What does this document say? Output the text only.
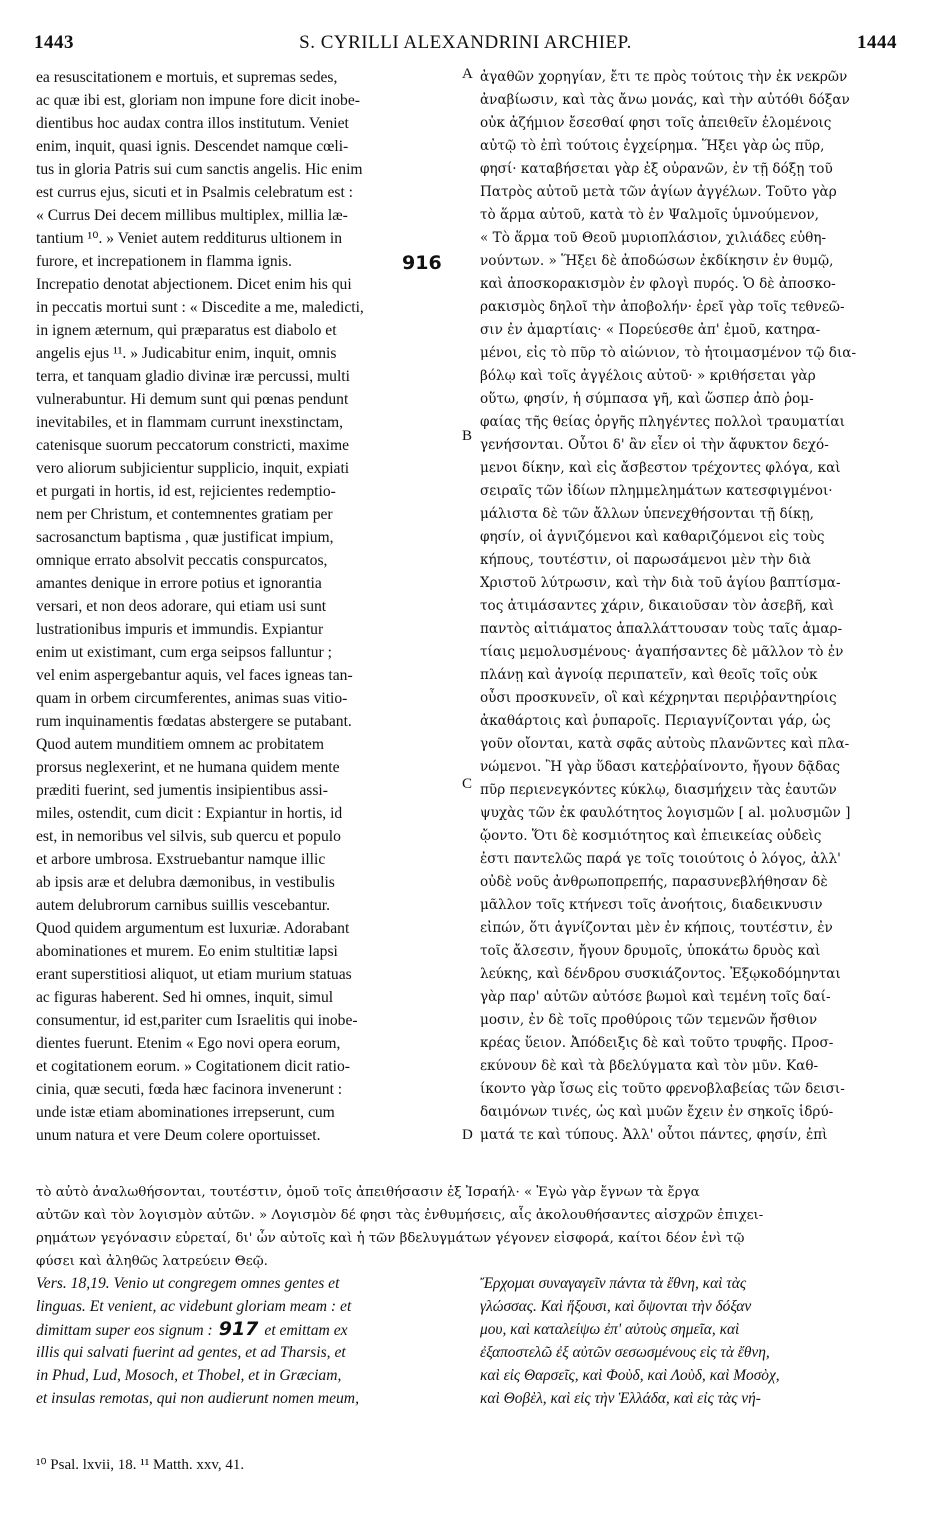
1443	S. CYRILLI ALEXANDRINI ARCHIEP.	1444
ea resuscitationem e mortuis, et supremas sedes,
ac quæ ibi est, gloriam non impune fore dicit inobe-
dientibus hoc audax contra illos institutum. Veniet
enim, inquit, quasi ignis. Descendet namque cœli-
tus in gloria Patris sui cum sanctis angelis. Hic enim
est currus ejus, sicuti et in Psalmis celebratum est :
« Currus Dei decem millibus multiplex, millia læ-
tantium ¹⁰. » Veniet autem redditurus ultionem in
furore, et increpationem in flamma ignis.
Increpatio denotat abjectionem. Dicet enim his qui
in peccatis mortui sunt : « Discedite a me, maledicti,
in ignem æternum, qui præparatus est diabolo et
angelis ejus ¹¹. » Judicabitur enim, inquit, omnis
terra, et tanquam gladio divinæ iræ percussi, multi
vulnerabuntur. Hi demum sunt qui pœnas pendunt
inevitabiles, et in flammam currunt inexstinctam,
catenisque suorum peccatorum constricti, maxime
vero aliorum subjicientur supplicio, inquit, expiati
et purgati in hortis, id est, rejicientes redemptio-
nem per Christum, et contemnentes gratiam per
sacrosanctum baptisma , quæ justificat impium,
omnique errato absolvit peccatis conspurcatos,
amantes denique in errore potius et ignorantia
versari, et non deos adorare, qui etiam usi sunt
lustrationibus impuris et immundis. Expiantur
enim ut existimant, cum erga seipsos falluntur ;
vel enim aspergebantur aquis, vel faces igneas tan-
quam in orbem circumferentes, animas suas vitio-
rum inquinamentis fœdatas abstergere se putabant.
Quod autem munditiem omnem ac probitatem
prorsus neglexerint, et ne humana quidem mente
præditi fuerint, sed jumentis insipientibus assi-
miles, ostendit, cum dicit : Expiantur in hortis, id
est, in nemoribus vel silvis, sub quercu et populo
et arbore umbrosa. Exstruebantur namque illic
ab ipsis aræ et delubra dæmonibus, in vestibulis
autem delubrorum carnibus suillis vescebantur.
Quod quidem argumentum est luxuriæ. Adorabant
abominationes et murem. Eo enim stultitiæ lapsi
erant superstitiosi aliquot, ut etiam murium statuas
ac figuras haberent. Sed hi omnes, inquit, simul
consumentur, id est,pariter cum Israelitis qui inobe-
dientes fuerunt. Etenim « Ego novi opera eorum,
et cogitationem eorum. » Cogitationem dicit ratio-
cinia, quæ secuti, fœda hæc facinora invenerunt :
unde istæ etiam abominationes irrepserunt, cum
unum natura et vere Deum colere oportuisset.
ἀγαθῶν χορηγίαν, ἔτι τε πρὸς τούτοις τὴν ἐκ νεκρῶν
ἀναβίωσιν, καὶ τὰς ἄνω μονάς, καὶ τὴν αὐτόθι δόξαν
οὐκ ἀζήμιον ἔσεσθαί φησι τοῖς ἀπειθεῖν ἑλομένοις
αὐτῷ τὸ ἐπὶ τούτοις ἐγχείρημα. Ἥξει γὰρ ὡς πῦρ,
φησί· καταβήσεται γὰρ ἐξ οὐρανῶν, ἐν τῇ δόξῃ τοῦ
Πατρὸς αὐτοῦ μετὰ τῶν ἁγίων ἀγγέλων. Τοῦτο γὰρ
τὸ ἅρμα αὐτοῦ, κατὰ τὸ ἐν Ψαλμοῖς ὑμνούμενον,
« Τὸ ἅρμα τοῦ Θεοῦ μυριοπλάσιον, χιλιάδες εὐθη-
νούντων. » Ἥξει δὲ ἀποδώσων ἐκδίκησιν ἐν θυμῷ,
καὶ ἀποσκορακισμὸν ἐν φλογὶ πυρός. Ὁ δὲ ἀποσκο-
ρακισμὸς δηλοῖ τὴν ἀποβολήν· ἐρεῖ γὰρ τοῖς τεθνεῶ-
σιν ἐν ἁμαρτίαις· « Πορεύεσθε ἀπ' ἐμοῦ, κατηρα-
μένοι, εἰς τὸ πῦρ τὸ αἰώνιον, τὸ ἡτοιμασμένον τῷ δια-
βόλῳ καὶ τοῖς ἀγγέλοις αὐτοῦ· » κριθήσεται γὰρ
οὕτω, φησίν, ἡ σύμπασα γῆ, καὶ ὥσπερ ἀπὸ ῥομ-
φαίας τῆς θείας ὀργῆς πληγέντες πολλοὶ τραυματίαι
γενήσονται. Οὗτοι δ' ἂν εἶεν οἱ τὴν ἄφυκτον δεχό-
μενοι δίκην, καὶ εἰς ἄσβεστον τρέχοντες φλόγα, καὶ
σειραῖς τῶν ἰδίων πλημμελημάτων κατεσφιγμένοι·
μάλιστα δὲ τῶν ἄλλων ὑπενεχθήσονται τῇ δίκῃ,
φησίν, οἱ ἁγνιζόμενοι καὶ καθαριζόμενοι εἰς τοὺς
κήπους, τουτέστιν, οἱ παρωσάμενοι μὲν τὴν διὰ
Χριστοῦ λύτρωσιν, καὶ τὴν διὰ τοῦ ἁγίου βαπτίσμα-
τος ἀτιμάσαντες χάριν, δικαιοῦσαν τὸν ἀσεβῆ, καὶ
παντὸς αἰτιάματος ἀπαλλάττουσαν τοὺς ταῖς ἁμαρ-
τίαις μεμολυσμένους· ἀγαπήσαντες δὲ μᾶλλον τὸ ἐν
πλάνῃ καὶ ἀγνοίᾳ περιπατεῖν, καὶ θεοῖς τοῖς οὐκ
οὖσι προσκυνεῖν, οἳ καὶ κέχρηνται περιῤῥαντηρίοις
ἀκαθάρτοις καὶ ῥυπαροῖς. Περιαγνίζονται γάρ, ὡς
γοῦν οἴονται, κατὰ σφᾶς αὐτοὺς πλανῶντες καὶ πλα-
νώμενοι. Ἢ γὰρ ὕδασι κατεῤῥαίνοντο, ἤγουν δᾷδας
πῦρ περιενεγκόντες κύκλῳ, διασμήχειν τὰς ἑαυτῶν
ψυχὰς τῶν ἐκ φαυλότητος λογισμῶν [ al. μολυσμῶν ]
ᾤοντο. Ὅτι δὲ κοσμιότητος καὶ ἐπιεικείας οὐδεὶς
ἐστι παντελῶς παρά γε τοῖς τοιούτοις ὁ λόγος, ἀλλ'
οὐδὲ νοῦς ἀνθρωποπρεπής, παρασυνεβλήθησαν δὲ
μᾶλλον τοῖς κτήνεσι τοῖς ἀνοήτοις, διαδεικνυσιν
εἰπών, ὅτι ἁγνίζονται μὲν ἐν κήποις, τουτέστιν, ἐν
τοῖς ἄλσεσιν, ἤγουν δρυμοῖς, ὑποκάτω δρυὸς καὶ
λεύκης, καὶ δένδρου συσκιάζοντος. Ἐξῳκοδόμηνται
γὰρ παρ' αὐτῶν αὐτόσε βωμοὶ καὶ τεμένη τοῖς δαί-
μοσιν, ἐν δὲ τοῖς προθύροις τῶν τεμενῶν ἤσθιον
κρέας ὕειον. Ἀπόδειξις δὲ καὶ τοῦτο τρυφῆς. Προσ-
εκύνουν δὲ καὶ τὰ βδελύγματα καὶ τὸν μῦν. Καθ-
ίκοντο γὰρ ἴσως εἰς τοῦτο φρενοβλαβείας τῶν δεισι-
δαιμόνων τινές, ὡς καὶ μυῶν ἔχειν ἐν σηκοῖς ἱδρύ-
ματά τε καὶ τύπους. Ἀλλ' οὗτοι πάντες, φησίν, ἐπὶ
A
B
C
D
916
τὸ αὐτὸ ἀναλωθήσονται, τουτέστιν, ὁμοῦ τοῖς ἀπειθήσασιν ἐξ Ἰσραήλ· « Ἐγὼ γὰρ ἔγνων τὰ ἔργα
αὐτῶν καὶ τὸν λογισμὸν αὐτῶν. » Λογισμὸν δέ φησι τὰς ἐνθυμήσεις, αἷς ἀκολουθήσαντες αἰσχρῶν ἐπιχει-
ρημάτων γεγόνασιν εὑρεταί, δι' ὧν αὐτοῖς καὶ ἡ τῶν βδελυγμάτων γέγονεν εἰσφορά, καίτοι δέον ἑνὶ τῷ
φύσει καὶ ἀληθῶς λατρεύειν Θεῷ.
Vers. 18,19. Venio ut congregem omnes gentes et
linguas. Et venient, ac videbunt gloriam meam : et
dimittam super eos signum : 917 et emittam ex
illis qui salvati fuerint ad gentes, et ad Tharsis, et
in Phud, Lud, Mosoch, et Thobel, et in Græciam,
et insulas remotas, qui non audierunt nomen meum,
Ἔρχομαι συναγαγεῖν πάντα τὰ ἔθνη, καὶ τὰς
γλώσσας. Καὶ ἥξουσι, καὶ ὄψονται τὴν δόξαν
μου, καὶ καταλείψω ἐπ' αὐτοὺς σημεῖα, καὶ
ἐξαποστελῶ ἐξ αὐτῶν σεσωσμένους εἰς τὰ ἔθνη,
καὶ εἰς Θαρσεῖς, καὶ Φοὺδ, καὶ Λοὺδ, καὶ Μοσὸχ,
καὶ Θοβὲλ, καὶ εἰς τὴν Ἑλλάδα, καὶ εἰς τὰς νή-
¹⁰ Psal. lxvii, 18. ¹¹ Matth. xxv, 41.
